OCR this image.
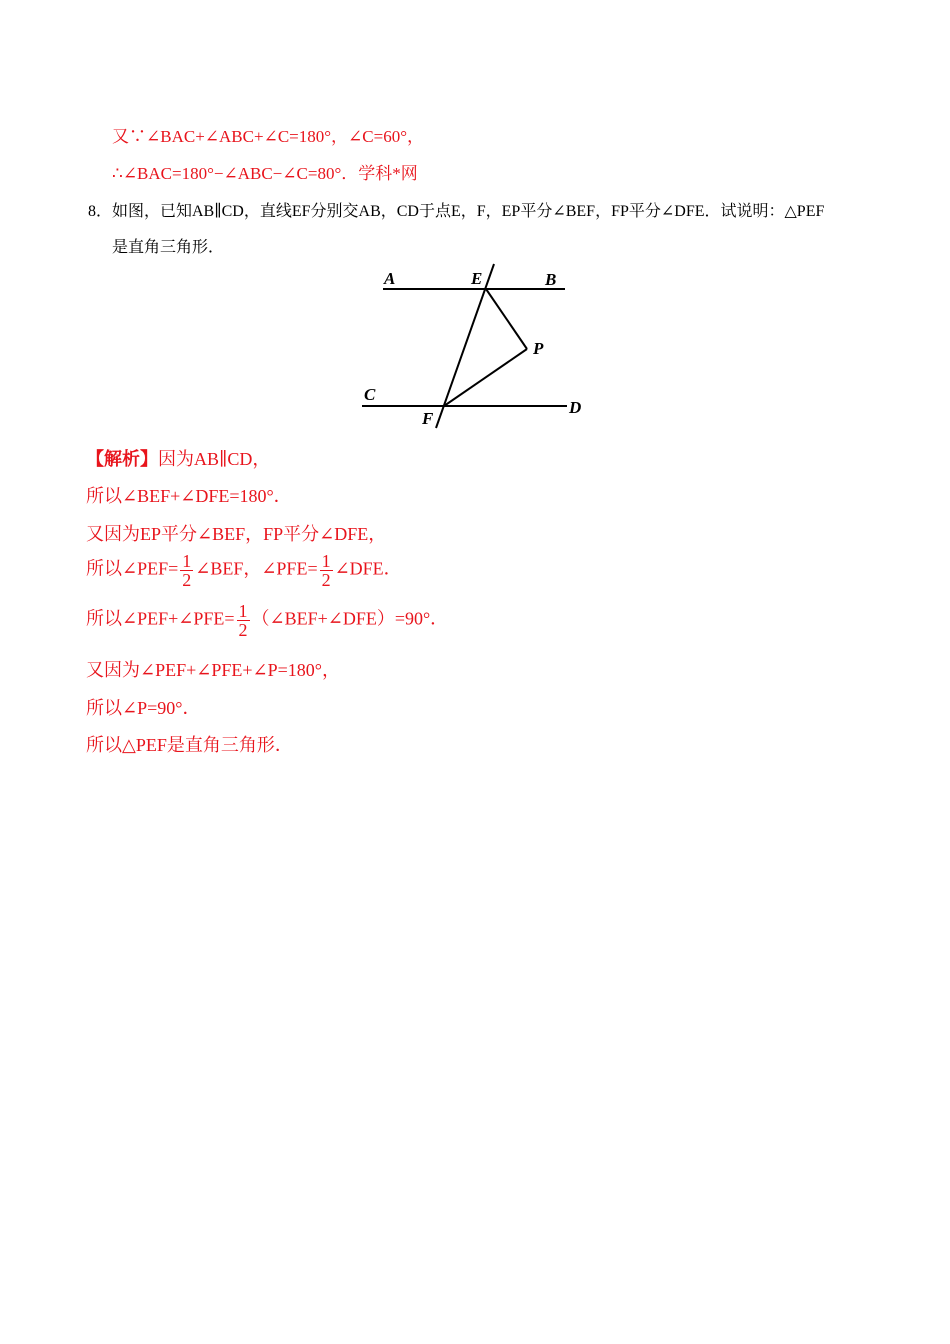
又∵∠BAC+∠ABC+∠C=180°，∠C=60°，
∴∠BAC=180°−∠ABC−∠C=80°．学科*网
8． 如图，已知AB∥CD，直线EF分别交AB，CD于点E，F，EP平分∠BEF，FP平分∠DFE．试说明：△PEF
是直角三角形．
A	E	B
P
C
F
D
【解析】因为AB∥CD，
所以∠BEF+∠DFE=180°．
又因为EP平分∠BEF，FP平分∠DFE，
所以∠PEF= $\frac{1}{2}$ ∠BEF，∠PFE= $\frac{1}{2}$ ∠DFE．
所以∠PEF+∠PFE= $\frac{1}{2}$ （∠BEF+∠DFE）=90°．
又因为∠PEF+∠PFE+∠P=180°，
所以∠P=90°．
所以△PEF是直角三角形．
